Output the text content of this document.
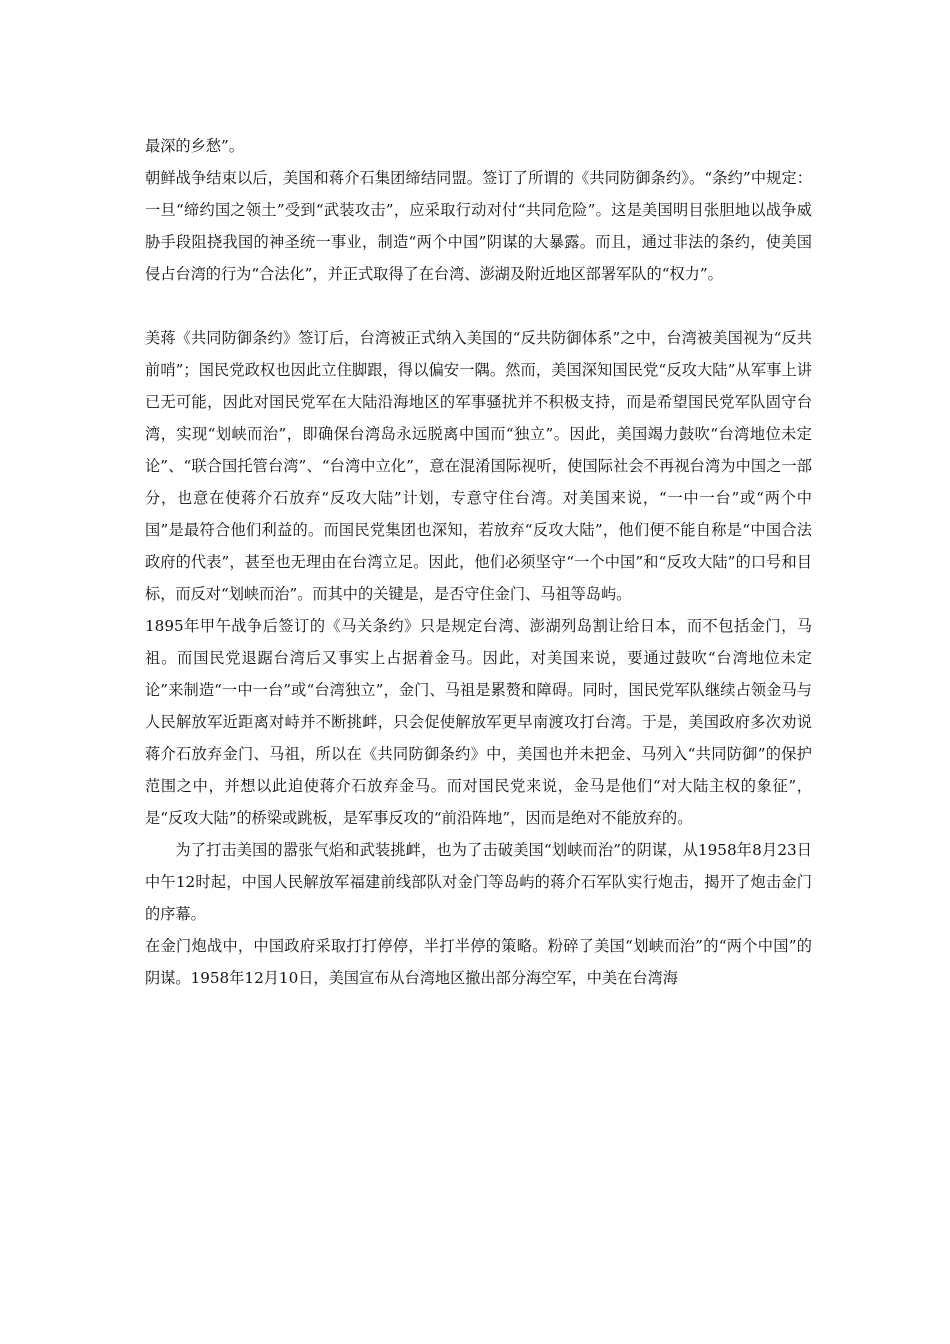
最深的乡愁”。

朝鲜战争结束以后，美国和蒋介石集团缔结同盟。签订了所谓的《共同防御条约》。“条约”中规定：一旦“缔约国之领土”受到“武装攻击”，应采取行动对付“共同危险”。这是美国明目张胆地以战争威胁手段阻挠我国的神圣统一事业，制造“两个中国”阴谋的大暴露。而且，通过非法的条约，使美国侵占台湾的行为“合法化”，并正式取得了在台湾、澎湖及附近地区部署军队的“权力”。

美蒋《共同防御条约》签订后，台湾被正式纳入美国的“反共防御体系”之中，台湾被美国视为“反共前哨”；国民党政权也因此立住脚跟，得以偏安一隅。然而，美国深知国民党“反攻大陆”从军事上讲已无可能，因此对国民党军在大陆沿海地区的军事骚扰并不积极支持，而是希望国民党军队固守台湾，实现“划峡而治”，即确保台湾岛永远脱离中国而“独立”。因此，美国竭力鼓吹“台湾地位未定论”、“联合国托管台湾”、“台湾中立化”，意在混淆国际视听，使国际社会不再视台湾为中国之一部分，也意在使蒋介石放弃“反攻大陆”计划，专意守住台湾。对美国来说，“一中一台”或“两个中国”是最符合他们利益的。而国民党集团也深知，若放弃“反攻大陆”，他们便不能自称是“中国合法政府的代表”，甚至也无理由在台湾立足。因此，他们必须坚守“一个中国”和“反攻大陆”的口号和目标，而反对“划峡而治”。而其中的关键是，是否守住金门、马祖等岛屿。

1895年甲午战争后签订的《马关条约》只是规定台湾、澎湖列岛割让给日本，而不包括金门，马祖。而国民党退踞台湾后又事实上占据着金马。因此，对美国来说，要通过鼓吹“台湾地位未定论”来制造“一中一台”或“台湾独立”，金门、马祖是累赘和障碍。同时，国民党军队继续占领金马与人民解放军近距离对峙并不断挑衅，只会促使解放军更早南渡攻打台湾。于是，美国政府多次劝说蒋介石放弃金门、马祖，所以在《共同防御条约》中，美国也并未把金、马列入“共同防御”的保护范围之中，并想以此迫使蒋介石放弃金马。而对国民党来说，金马是他们“对大陆主权的象征”，是“反攻大陆”的桥梁或跳板，是军事反攻的“前沿阵地”，因而是绝对不能放弃的。

为了打击美国的嚣张气焰和武装挑衅，也为了击破美国“划峡而治”的阴谋，从1958年8月23日中午12时起，中国人民解放军福建前线部队对金门等岛屿的蒋介石军队实行炮击，揭开了炮击金门的序幕。

在金门炮战中，中国政府采取打打停停，半打半停的策略。粉碎了美国“划峡而治”的“两个中国”的阴谋。1958年12月10日，美国宣布从台湾地区撤出部分海空军，中美在台湾海
